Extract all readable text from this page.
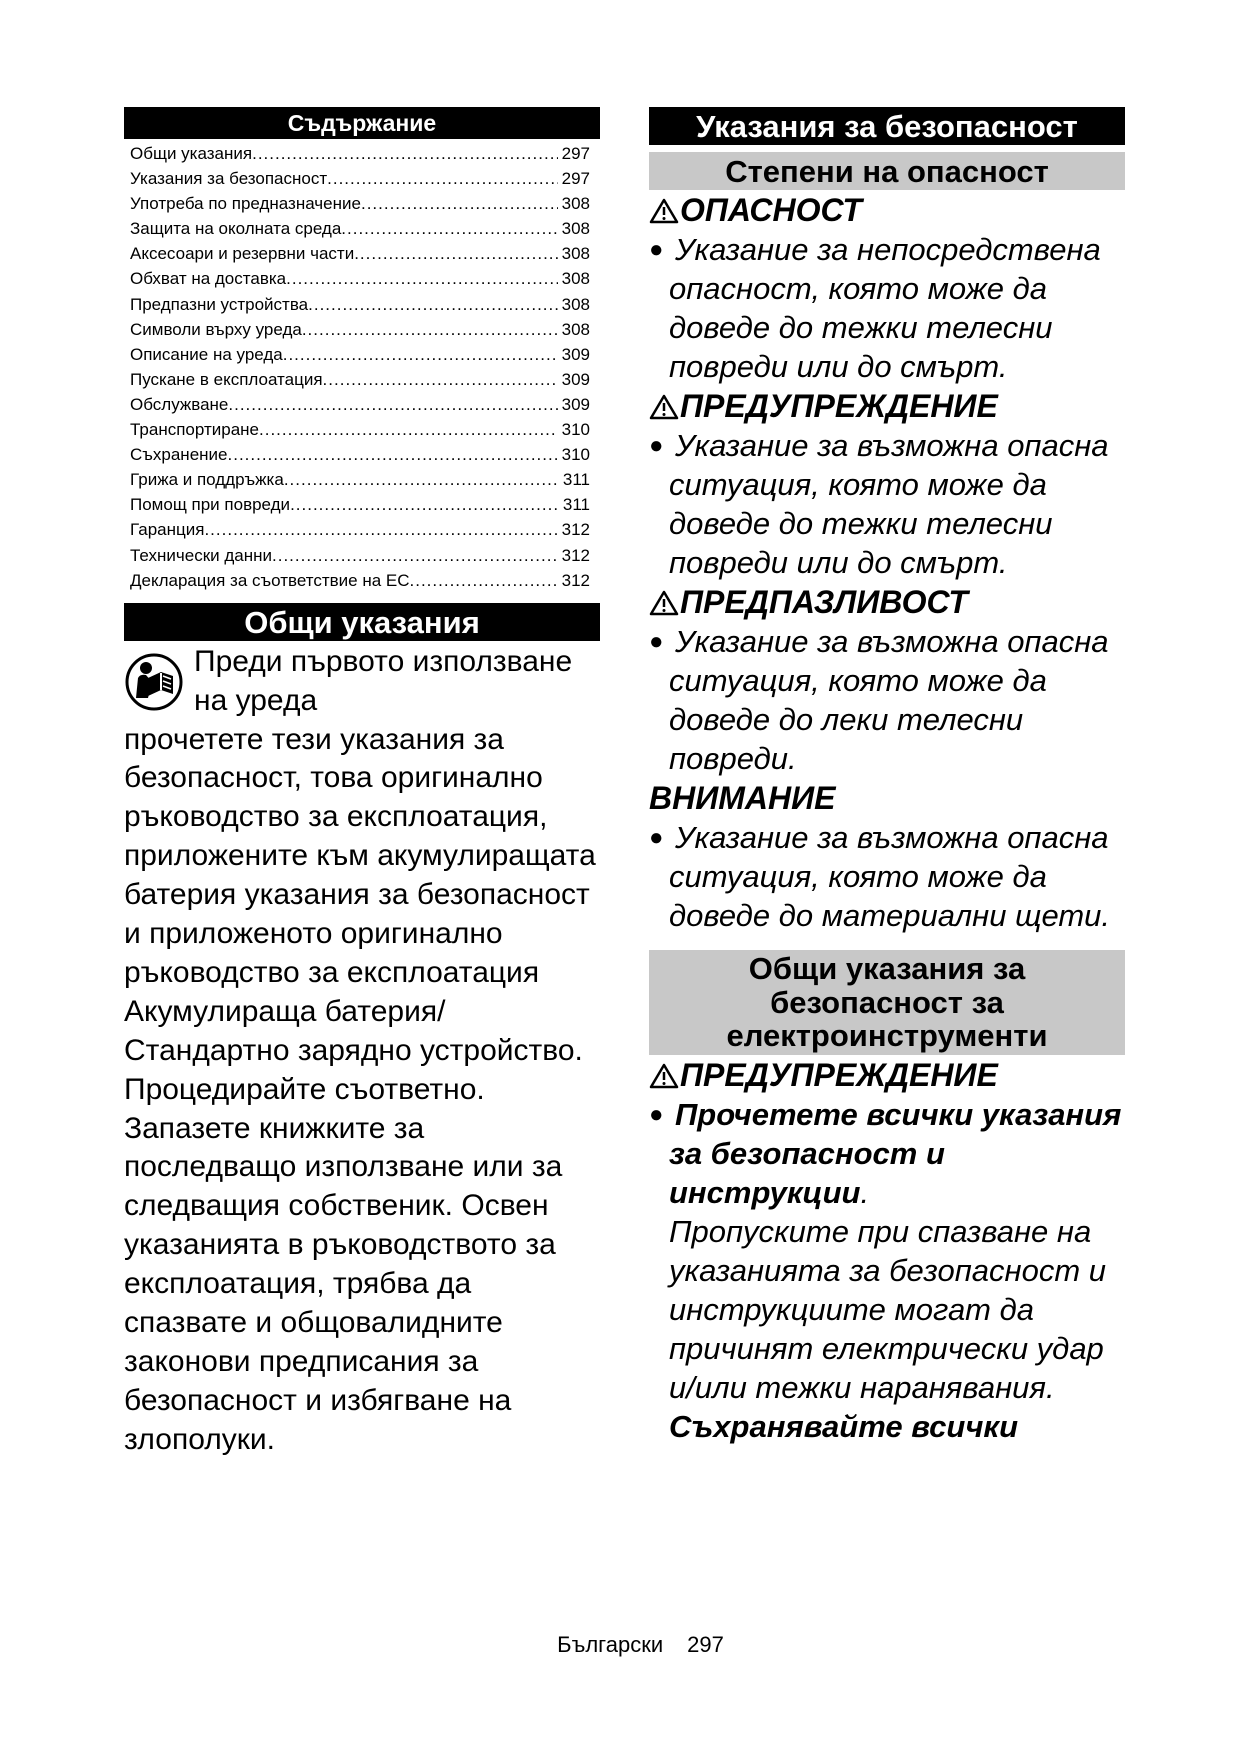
Съдържание
Общи указания .....	297
Указания за безопасност .....	297
Употреба по предназначение .....	308
Защита на околната среда .....	308
Аксесоари и резервни части .....	308
Обхват на доставка .....	308
Предпазни устройства .....	308
Символи върху уреда .....	308
Описание на уреда .....	309
Пускане в експлоатация .....	309
Обслужване .....	309
Транспортиране .....	310
Съхранение .....	310
Грижа и поддръжка .....	311
Помощ при повреди .....	311
Гаранция .....	312
Технически данни .....	312
Декларация за съответствие на ЕС .....	312
Общи указания
Преди първото използване на уреда

прочетете тези указания за безопасност, това оригинално ръководство за експлоатация, приложените към акумулиращата батерия указания за безопасност и приложеното оригинално ръководство за експлоатация Акумулираща батерия/ Стандартно зарядно устройство. Процедирайте съответно. Запазете книжките за последващо използване или за следващия собственик. Освен указанията в ръководството за експлоатация, трябва да спазвате и общовалидните законови предписания за безопасност и избягване на злополуки.

Указания за безопасност
Степени на опасност
ОПАСНОСТ
● Указание за непосредствена опасност, която може да доведе до тежки телесни повреди или до смърт.
ПРЕДУПРЕЖДЕНИЕ
● Указание за възможна опасна ситуация, която може да доведе до тежки телесни повреди или до смърт.
ПРЕДПАЗЛИВОСТ
● Указание за възможна опасна ситуация, която може да доведе до леки телесни повреди.
ВНИМАНИЕ
● Указание за възможна опасна ситуация, която може да доведе до материални щети.
Общи указания за безопасност за електроинструменти
ПРЕДУПРЕЖДЕНИЕ
● Прочетете всички указания за безопасност и инструкции.
Пропуските при спазване на указанията за безопасност и инструкциите могат да причинят електрически удар и/или тежки наранявания.
Съхранявайте всички
Български 297
